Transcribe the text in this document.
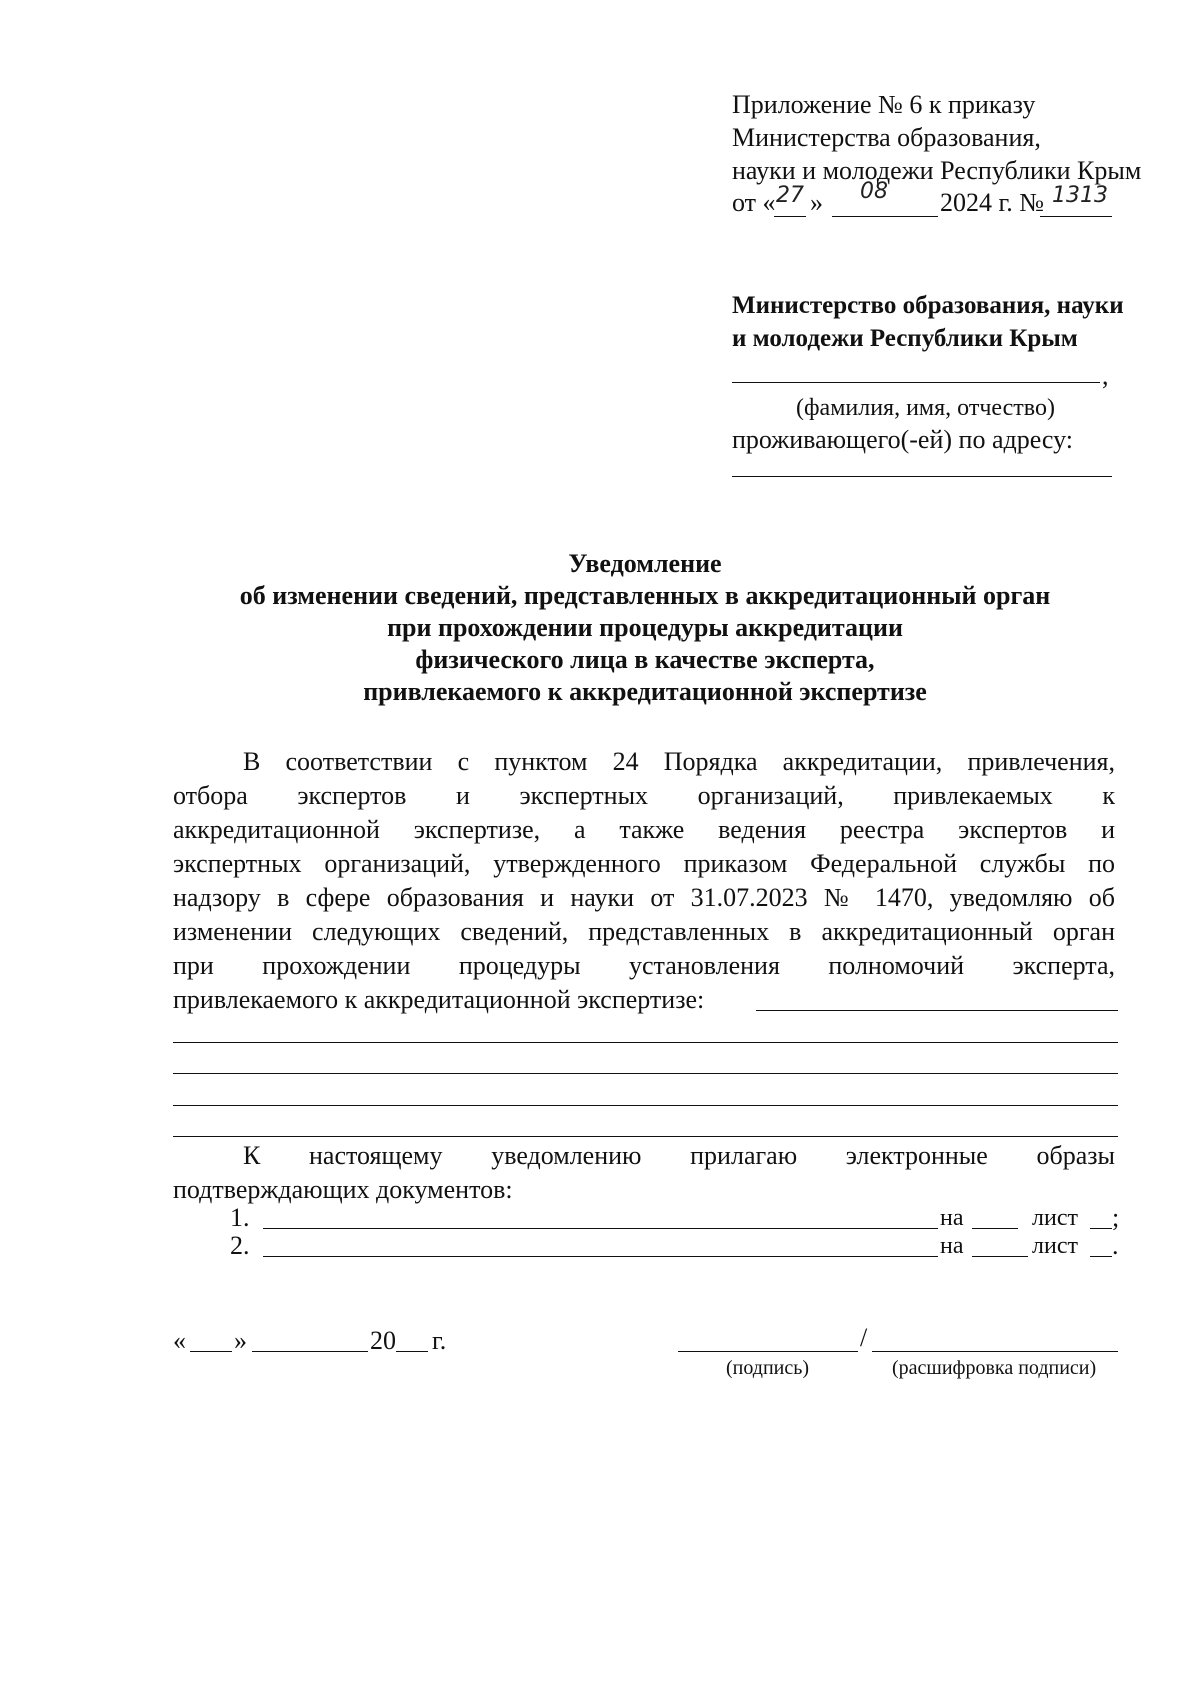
Приложение № 6 к приказу
Министерства образования,
науки и молодежи Республики Крым
от « 27 » 08 2024 г. № 1313
Министерство образования, науки
и молодежи Республики Крым
,
(фамилия, имя, отчество)
проживающего(-ей) по адресу:
Уведомление
об изменении сведений, представленных в аккредитационный орган
при прохождении процедуры аккредитации
физического лица в качестве эксперта,
привлекаемого к аккредитационной экспертизе
В соответствии с пунктом 24 Порядка аккредитации, привлечения,
отбора экспертов и экспертных организаций, привлекаемых к
аккредитационной экспертизе, а также ведения реестра экспертов и
экспертных организаций, утвержденного приказом Федеральной службы по
надзору в сфере образования и науки от 31.07.2023 № 1470, уведомляю об
изменении следующих сведений, представленных в аккредитационный орган
при прохождении процедуры установления полномочий эксперта,
привлекаемого к аккредитационной экспертизе:
К настоящему уведомлению прилагаю электронные образы
подтверждающих документов:
1.	на	лист ;
2.	на	лист .
« »	20 г.	/
(подпись)	(расшифровка подписи)
